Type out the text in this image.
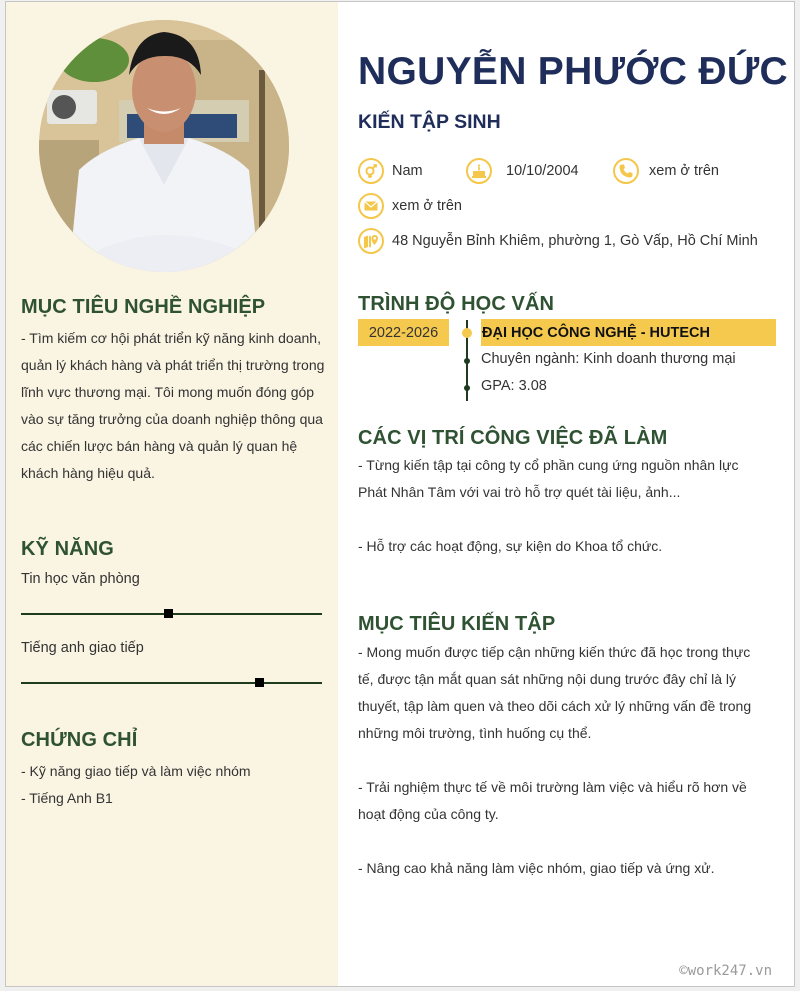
MỤC TIÊU NGHỀ NGHIỆP
- Tìm kiếm cơ hội phát triển kỹ năng kinh doanh,
quản lý khách hàng và phát triển thị trường trong
lĩnh vực thương mại. Tôi mong muốn đóng góp
vào sự tăng trưởng của doanh nghiệp thông qua
các chiến lược bán hàng và quản lý quan hệ
khách hàng hiệu quả.
KỸ NĂNG
Tin học văn phòng
Tiếng anh giao tiếp
CHỨNG CHỈ
- Kỹ năng giao tiếp và làm việc nhóm
- Tiếng Anh B1
NGUYỄN PHƯỚC ĐỨC
KIẾN TẬP SINH
Nam	10/10/2004	xem ở trên
xem ở trên
48 Nguyễn Bỉnh Khiêm, phường 1, Gò Vấp, Hồ Chí Minh
TRÌNH ĐỘ HỌC VẤN
2022-2026	ĐẠI HỌC CÔNG NGHỆ - HUTECH
Chuyên ngành: Kinh doanh thương mại
GPA: 3.08
CÁC VỊ TRÍ CÔNG VIỆC ĐÃ LÀM
- Từng kiến tập tại công ty cổ phần cung ứng nguồn nhân lực
Phát Nhân Tâm với vai trò hỗ trợ quét tài liệu, ảnh...
- Hỗ trợ các hoạt động, sự kiện do Khoa tổ chức.
MỤC TIÊU KIẾN TẬP
- Mong muốn được tiếp cận những kiến thức đã học trong thực
tế, được tận mắt quan sát những nội dung trước đây chỉ là lý
thuyết, tập làm quen và theo dõi cách xử lý những vấn đề trong
những môi trường, tình huống cụ thể.
- Trải nghiệm thực tế về môi trường làm việc và hiểu rõ hơn về
hoạt động của công ty.
- Nâng cao khả năng làm việc nhóm, giao tiếp và ứng xử.
©work247.vn
